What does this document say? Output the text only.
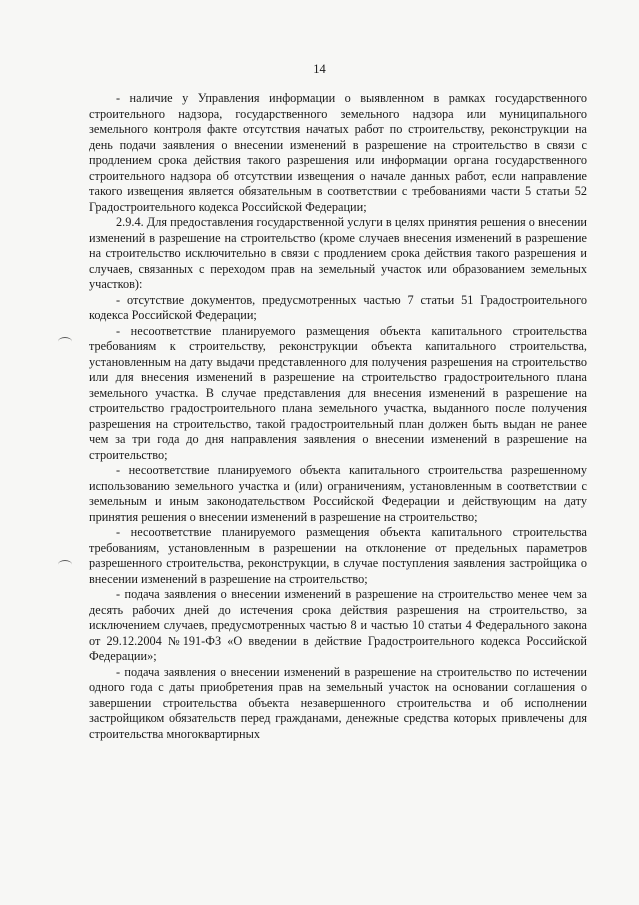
14

- наличие у Управления информации о выявленном в рамках государственного строительного надзора, государственного земельного надзора или муниципального земельного контроля факте отсутствия начатых работ по строительству, реконструкции на день подачи заявления о внесении изменений в разрешение на строительство в связи с продлением срока действия такого разрешения или информации органа государственного строительного надзора об отсутствии извещения о начале данных работ, если направление такого извещения является обязательным в соответствии с требованиями части 5 статьи 52 Градостроительного кодекса Российской Федерации;

2.9.4. Для предоставления государственной услуги в целях принятия решения о внесении изменений в разрешение на строительство (кроме случаев внесения изменений в разрешение на строительство исключительно в связи с продлением срока действия такого разрешения и случаев, связанных с переходом прав на земельный участок или образованием земельных участков):

- отсутствие документов, предусмотренных частью 7 статьи 51 Градостроительного кодекса Российской Федерации;

- несоответствие планируемого размещения объекта капитального строительства требованиям к строительству, реконструкции объекта капитального строительства, установленным на дату выдачи представленного для получения разрешения на строительство или для внесения изменений в разрешение на строительство градостроительного плана земельного участка. В случае представления для внесения изменений в разрешение на строительство градостроительного плана земельного участка, выданного после получения разрешения на строительство, такой градостроительный план должен быть выдан не ранее чем за три года до дня направления заявления о внесении изменений в разрешение на строительство;

- несоответствие планируемого объекта капитального строительства разрешенному использованию земельного участка и (или) ограничениям, установленным в соответствии с земельным и иным законодательством Российской Федерации и действующим на дату принятия решения о внесении изменений в разрешение на строительство;

- несоответствие планируемого размещения объекта капитального строительства требованиям, установленным в разрешении на отклонение от предельных параметров разрешенного строительства, реконструкции, в случае поступления заявления застройщика о внесении изменений в разрешение на строительство;

- подача заявления о внесении изменений в разрешение на строительство менее чем за десять рабочих дней до истечения срока действия разрешения на строительство, за исключением случаев, предусмотренных частью 8 и частью 10 статьи 4 Федерального закона от 29.12.2004 №191-ФЗ «О введении в действие Градостроительного кодекса Российской Федерации»;

- подача заявления о внесении изменений в разрешение на строительство по истечении одного года с даты приобретения прав на земельный участок на основании соглашения о завершении строительства объекта незавершенного строительства и об исполнении застройщиком обязательств перед гражданами, денежные средства которых привлечены для строительства многоквартирных
